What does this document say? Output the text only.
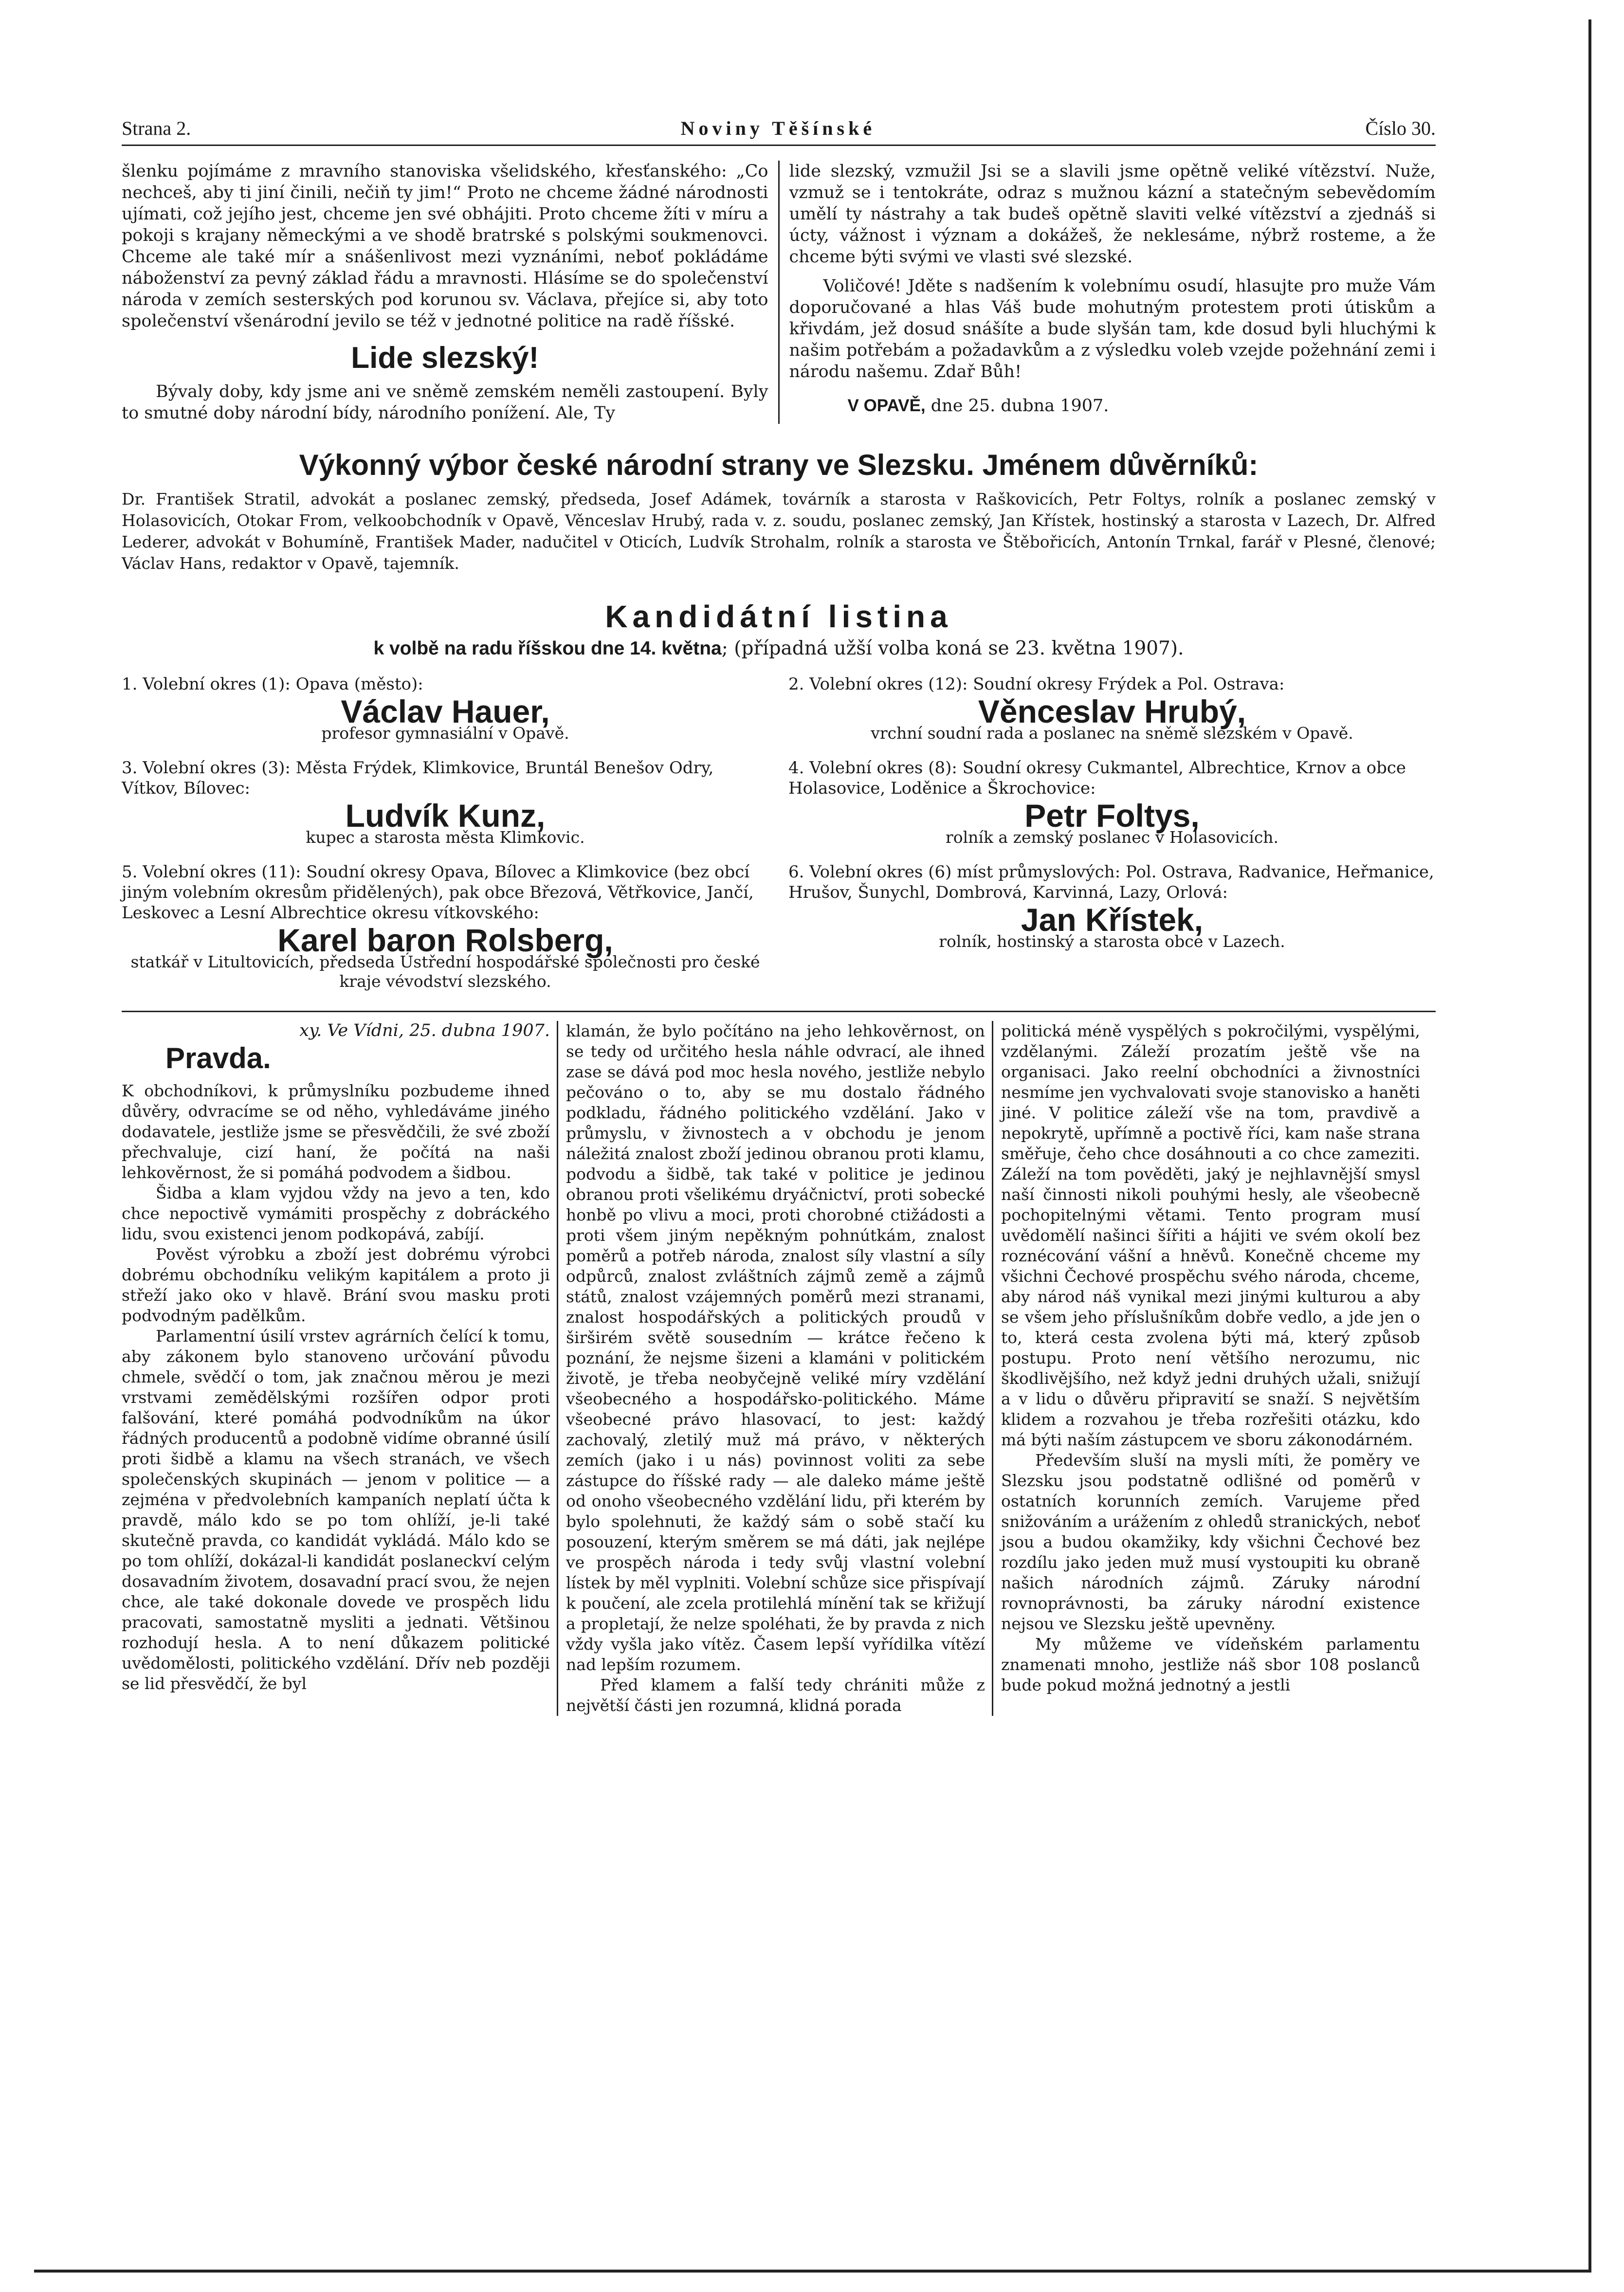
Strana 2.	Noviny Těšínské	Číslo 30.

šlenku pojímáme z mravního stanoviska všelidského, křesťanského: „Co nechceš, aby ti jiní činili, nečiň ty jim!“ Proto ne chceme žádné národnosti ujímati, což jejího jest, chceme jen své obhájiti. Proto chceme žíti v míru a pokoji s krajany německými a ve shodě bratrské s polskými soukmenovci. Chceme ale také mír a snášenlivost mezi vyznáními, neboť pokládáme náboženství za pevný základ řádu a mravnosti. Hlásíme se do společenství národa v zemích sesterských pod korunou sv. Václava, přejíce si, aby toto společenství všenárodní jevilo se též v jednotné politice na radě říšské.

Lide slezský!

Bývaly doby, kdy jsme ani ve sněmě zemském neměli zastoupení. Byly to smutné doby národní bídy, národního ponížení. Ale, Ty

lide slezský, vzmužil Jsi se a slavili jsme opětně veliké vítězství. Nuže, vzmuž se i tentokráte, odraz s mužnou kázní a statečným sebevědomím umělí ty nástrahy a tak budeš opětně slaviti velké vítězství a zjednáš si úcty, vážnost i význam a dokážeš, že neklesáme, nýbrž rosteme, a že chceme býti svými ve vlasti své slezské.

Voličové! Jděte s nadšením k volebnímu osudí, hlasujte pro muže Vám doporučované a hlas Váš bude mohutným protestem proti útiskům a křivdám, jež dosud snášíte a bude slyšán tam, kde dosud byli hluchými k našim potřebám a požadavkům a z výsledku voleb vzejde požehnání zemi i národu našemu. Zdař Bůh!

V OPAVĚ, dne 25. dubna 1907.
Výkonný výbor české národní strany ve Slezsku. Jménem důvěrníků:
Dr. František Stratil, advokát a poslanec zemský, předseda, Josef Adámek, továrník a starosta v Raškovicích, Petr Foltys, rolník a poslanec zemský v Holasovicích, Otokar From, velkoobchodník v Opavě, Věnceslav Hrubý, rada v. z. soudu, poslanec zemský, Jan Křístek, hostinský a starosta v Lazech, Dr. Alfred Lederer, advokát v Bohumíně, František Mader, nadučitel v Oticích, Ludvík Strohalm, rolník a starosta ve Štěbořicích, Antonín Trnkal, farář v Plesné, členové; Václav Hans, redaktor v Opavě, tajemník.
Kandidátní listina
k volbě na radu říšskou dne 14. května; (případná užší volba koná se 23. května 1907).
1. Volební okres (1): Opava (město):
Václav Hauer,
profesor gymnasiální v Opavě.
2. Volební okres (12): Soudní okresy Frýdek a Pol. Ostrava:
Věnceslav Hrubý,
vrchní soudní rada a poslanec na sněmě slezském v Opavě.
3. Volební okres (3): Města Frýdek, Klimkovice, Bruntál Benešov Odry, Vítkov, Bílovec:
Ludvík Kunz,
kupec a starosta města Klimkovic.
4. Volební okres (8): Soudní okresy Cukmantel, Albrechtice, Krnov a obce Holasovice, Loděnice a Škrochovice:
Petr Foltys,
rolník a zemský poslanec v Holasovicích.
5. Volební okres (11): Soudní okresy Opava, Bílovec a Klimkovice (bez obcí jiným volebním okresům přidělených), pak obce Březová, Větřkovice, Jančí, Leskovec a Lesní Albrechtice okresu vítkovského:
Karel baron Rolsberg,
statkář v Litultovicích, předseda Ústřední hospodářské společnosti pro české kraje vévodství slezského.
6. Volební okres (6) míst průmyslových: Pol. Ostrava, Radvanice, Heřmanice, Hrušov, Šunychl, Dombrová, Karvinná, Lazy, Orlová:
Jan Křístek,
rolník, hostinský a starosta obce v Lazech.
xy. Ve Vídni, 25. dubna 1907.
Pravda.

K obchodníkovi, k průmyslníku pozbudeme ihned důvěry, odvracíme se od něho, vyhledáváme jiného dodavatele, jestliže jsme se přesvědčili, že své zboží přechvaluje, cizí haní, že počítá na naši lehkověrnost, že si pomáhá podvodem a šidbou.

Šidba a klam vyjdou vždy na jevo a ten, kdo chce nepoctivě vymámiti prospěchy z dobráckého lidu, svou existenci jenom podkopává, zabíjí.

Pověst výrobku a zboží jest dobrému výrobci dobrému obchodníku velikým kapitálem a proto ji střeží jako oko v hlavě. Brání svou masku proti podvodným padělkům.

Parlamentní úsilí vrstev agrárních čelící k tomu, aby zákonem bylo stanoveno určování původu chmele, svědčí o tom, jak značnou měrou je mezi vrstvami zemědělskými rozšířen odpor proti falšování, které pomáhá podvodníkům na úkor řádných producentů a podobně vidíme obranné úsilí proti šidbě a klamu na všech stranách, ve všech společenských skupinách — jenom v politice — a zejména v předvolebních kampaních neplatí účta k pravdě, málo kdo se po tom ohlíží, je-li také skutečně pravda, co kandidát vykládá. Málo kdo se po tom ohlíží, dokázal-li kandidát poslaneckví celým dosavadním životem, dosavadní prací svou, že nejen chce, ale také dokonale dovede ve prospěch lidu pracovati, samostatně mysliti a jednati. Většinou rozhodují hesla. A to není důkazem politické uvědomělosti, politického vzdělání. Dřív neb později se lid přesvědčí, že byl

klamán, že bylo počítáno na jeho lehkověrnost, on se tedy od určitého hesla náhle odvrací, ale ihned zase se dává pod moc hesla nového, jestliže nebylo pečováno o to, aby se mu dostalo řádného podkladu, řádného politického vzdělání. Jako v průmyslu, v živnostech a v obchodu je jenom náležitá znalost zboží jedinou obranou proti klamu, podvodu a šidbě, tak také v politice je jedinou obranou proti všelikému dryáčnictví, proti sobecké honbě po vlivu a moci, proti chorobné ctižádosti a proti všem jiným nepěkným pohnútkám, znalost poměrů a potřeb národa, znalost síly vlastní a síly odpůrců, znalost zvláštních zájmů země a zájmů států, znalost vzájemných poměrů mezi stranami, znalost hospodářských a politických proudů v širširém světě sousedním — krátce řečeno k poznání, že nejsme šizeni a klamáni v politickém životě, je třeba neobyčejně veliké míry vzdělání všeobecného a hospodářsko-politického. Máme všeobecné právo hlasovací, to jest: každý zachovalý, zletilý muž má právo, v některých zemích (jako i u nás) povinnost voliti za sebe zástupce do říšské rady — ale daleko máme ještě od onoho všeobecného vzdělání lidu, při kterém by bylo spolehnuti, že každý sám o sobě stačí ku posouzení, kterým směrem se má dáti, jak nejlépe ve prospěch národa i tedy svůj vlastní volební lístek by měl vyplniti. Volební schůze sice přispívají k poučení, ale zcela protilehlá mínění tak se křižují a propletají, že nelze spoléhati, že by pravda z nich vždy vyšla jako vítěz. Časem lepší vyřídilka vítězí nad lepším rozumem.

Před klamem a falší tedy chrániti může z největší části jen rozumná, klidná porada

politická méně vyspělých s pokročilými, vyspělými, vzdělanými. Záleží prozatím ještě vše na organisaci. Jako reelní obchodníci a živnostníci nesmíme jen vychvalovati svoje stanovisko a haněti jiné. V politice záleží vše na tom, pravdivě a nepokrytě, upřímně a poctivě říci, kam naše strana směřuje, čeho chce dosáhnouti a co chce zameziti. Záleží na tom pověděti, jaký je nejhlavnější smysl naší činnosti nikoli pouhými hesly, ale všeobecně pochopitelnými větami. Tento program musí uvědomělí našinci šířiti a hájiti ve svém okolí bez roznécování vášní a hněvů. Konečně chceme my všichni Čechové prospěchu svého národa, chceme, aby národ náš vynikal mezi jinými kulturou a aby se všem jeho příslušníkům dobře vedlo, a jde jen o to, která cesta zvolena býti má, který způsob postupu. Proto není většího nerozumu, nic škodlivějšího, než když jedni druhých užali, snižují a v lidu o důvěru připravití se snaží. S největším klidem a rozvahou je třeba rozřešiti otázku, kdo má býti naším zástupcem ve sboru zákonodárném.

Především sluší na mysli míti, že poměry ve Slezsku jsou podstatně odlišné od poměrů v ostatních korunních zemích. Varujeme před snižováním a urážením z ohledů stranických, neboť jsou a budou okamžiky, kdy všichni Čechové bez rozdílu jako jeden muž musí vystoupiti ku obraně našich národních zájmů. Záruky národní rovnoprávnosti, ba záruky národní existence nejsou ve Slezsku ještě upevněny.

My můžeme ve vídeňském parlamentu znamenati mnoho, jestliže náš sbor 108 poslanců bude pokud možná jednotný a jestli
